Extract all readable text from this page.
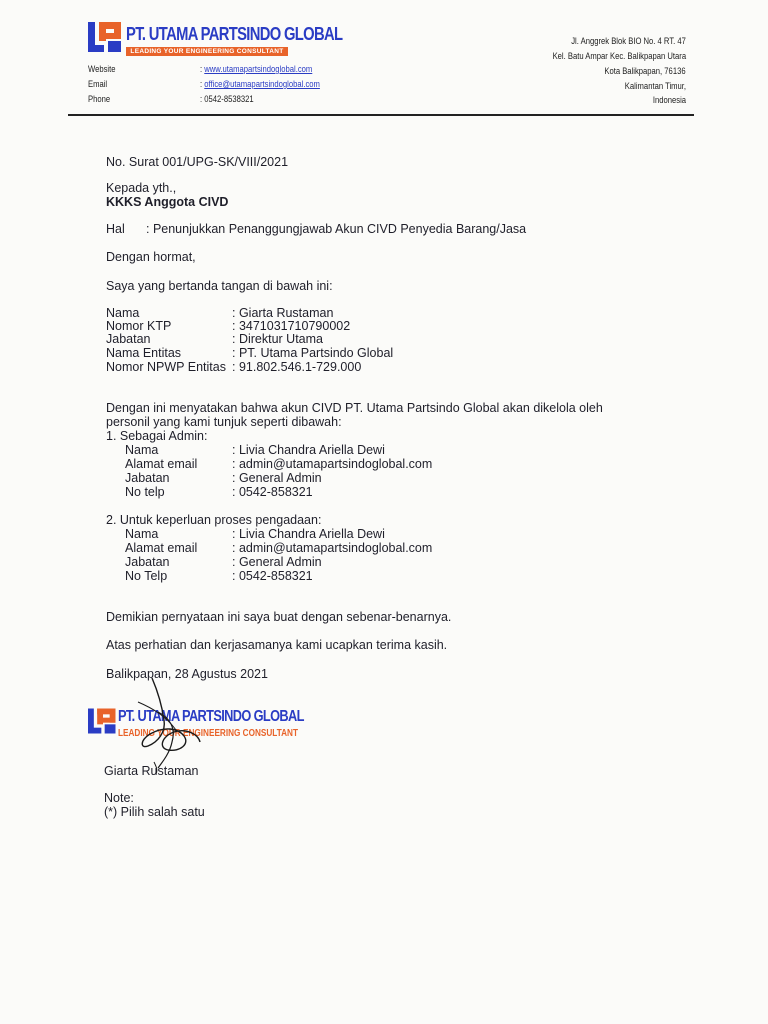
PT. UTAMA PARTSINDO GLOBAL
LEADING YOUR ENGINEERING CONSULTANT
Website	: www.utamapartsindoglobal.com
Email	: office@utamapartsindoglobal.com
Phone	: 0542-8538321
Jl. Anggrek Blok BIO No. 4 RT. 47
Kel. Batu Ampar Kec. Balikpapan Utara
Kota Balikpapan, 76136
Kalimantan Timur,
Indonesia
No. Surat 001/UPG-SK/VIII/2021
Kepada yth.,
KKKS Anggota CIVD
Hal : Penunjukkan Penanggungjawab Akun CIVD Penyedia Barang/Jasa
Dengan hormat,
Saya yang bertanda tangan di bawah ini:
Nama	: Giarta Rustaman
Nomor KTP	: 3471031710790002
Jabatan	: Direktur Utama
Nama Entitas	: PT. Utama Partsindo Global
Nomor NPWP Entitas : 91.802.546.1-729.000
Dengan ini menyatakan bahwa akun CIVD PT. Utama Partsindo Global akan dikelola oleh
personil yang kami tunjuk seperti dibawah:
1. Sebagai Admin:
Nama	: Livia Chandra Ariella Dewi
Alamat email	: admin@utamapartsindoglobal.com
Jabatan	: General Admin
No telp	: 0542-858321
2. Untuk keperluan proses pengadaan:
Nama	: Livia Chandra Ariella Dewi
Alamat email	: admin@utamapartsindoglobal.com
Jabatan	: General Admin
No Telp	: 0542-858321
Demikian pernyataan ini saya buat dengan sebenar-benarnya.
Atas perhatian dan kerjasamanya kami ucapkan terima kasih.
Balikpapan, 28 Agustus 2021
PT. UTAMA PARTSINDO GLOBAL
LEADING YOUR ENGINEERING CONSULTANT
Giarta Rustaman
Note:
(*) Pilih salah satu
